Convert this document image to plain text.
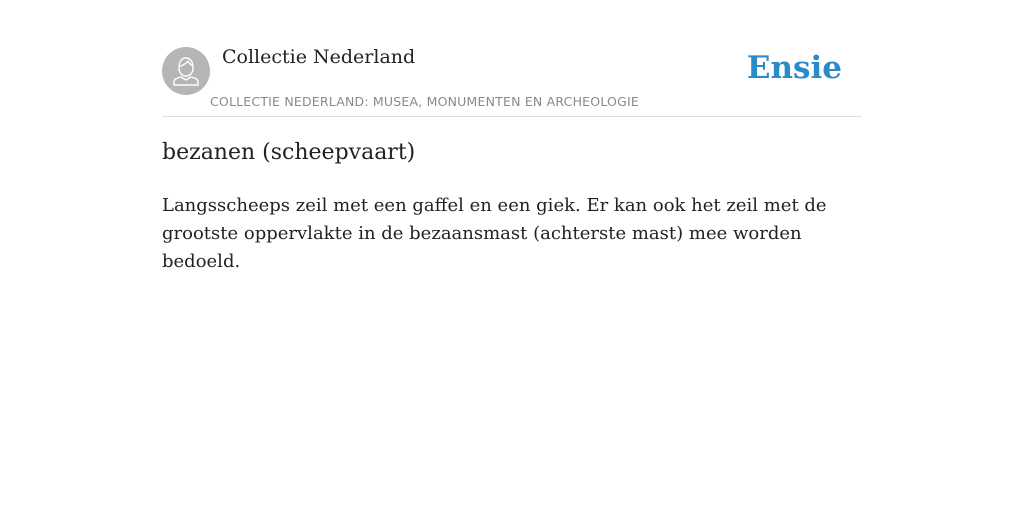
Collectie Nederland
COLLECTIE NEDERLAND: MUSEA, MONUMENTEN EN ARCHEOLOGIE
Ensie
bezanen (scheepvaart)

Langsscheeps zeil met een gaffel en een giek. Er kan ook het zeil met de grootste oppervlakte in de bezaansmast (achterste mast) mee worden bedoeld.
